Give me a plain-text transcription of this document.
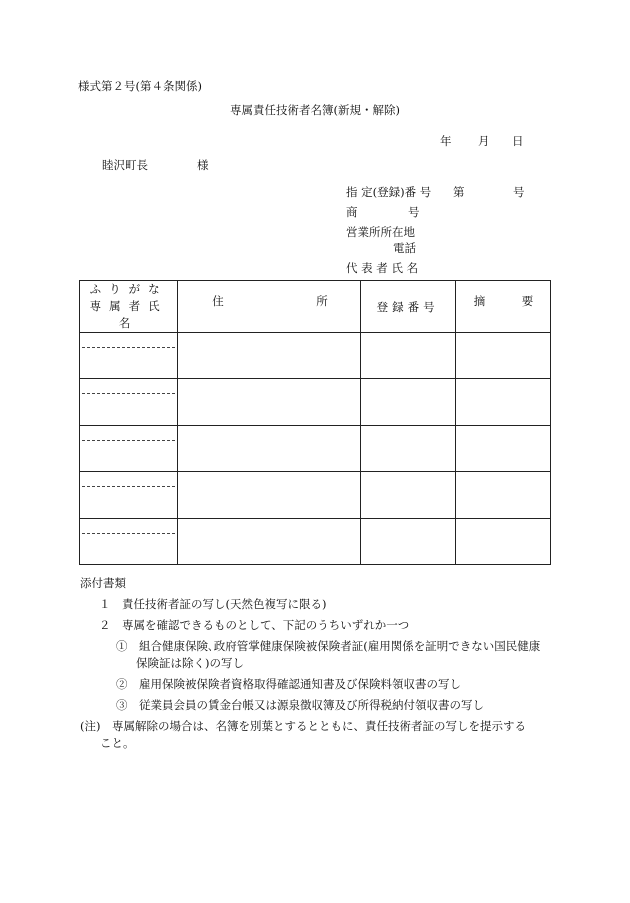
様式第２号(第４条関係)
専属責任技術者名簿(新規・解除)
年 月 日
睦沢町長	様
指 定(登録)番 号 第	号
商	号
営業所所在地
電話
代 表 者 氏 名
ふりがな
専属者氏名	住 所	登録番号	摘 要

添付書類
１　責任技術者証の写し(天然色複写に限る)
２　専属を確認できるものとして、下記のうちいずれか一つ
①　組合健康保険､政府管掌健康保険被保険者証(雇用関係を証明できない国民健康
保険証は除く)の写し
②　雇用保険被保険者資格取得確認通知書及び保険料領収書の写し
③　従業員会員の賃金台帳又は源泉徴収簿及び所得税納付領収書の写し
(注)　専属解除の場合は、名簿を別葉とするとともに、責任技術者証の写しを提示する
こと。
